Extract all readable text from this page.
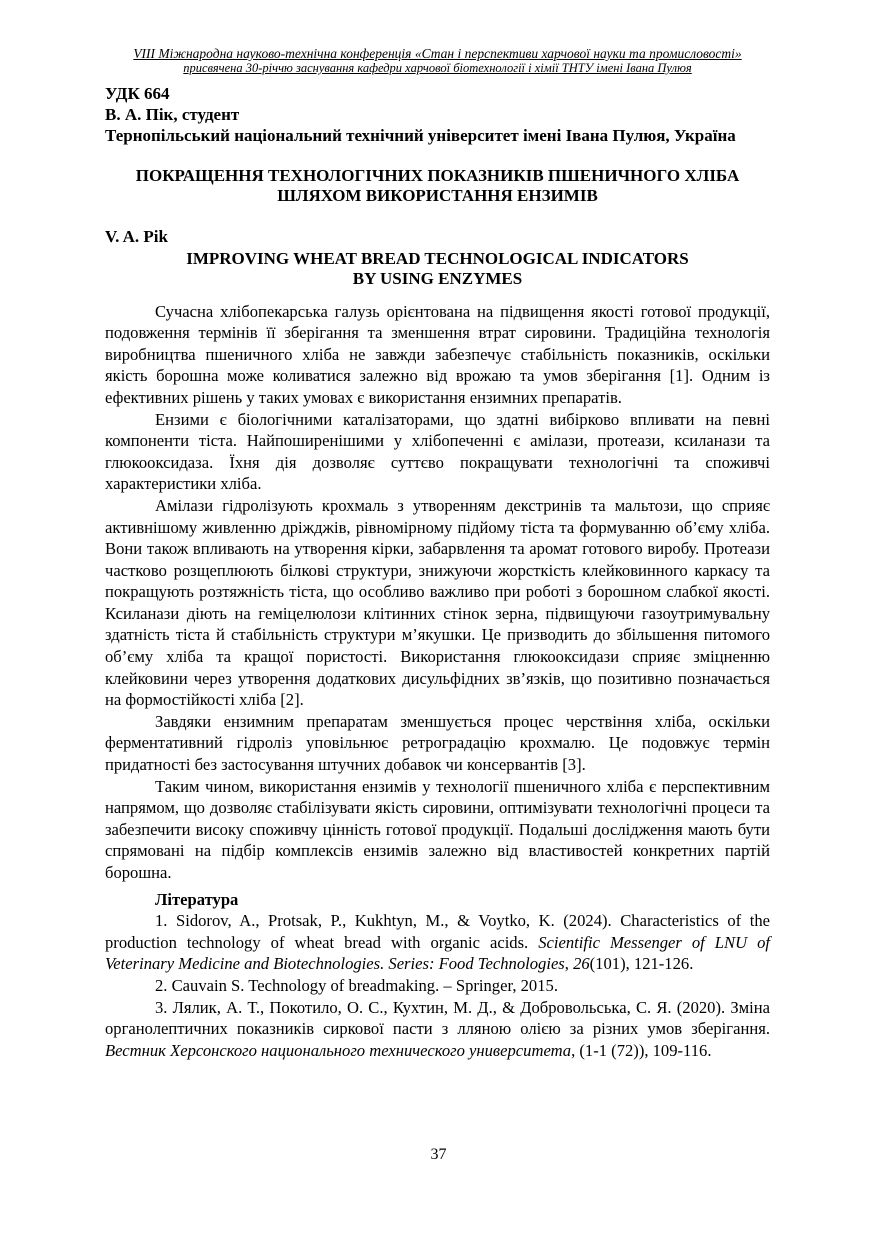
VIII Міжнародна науково-технічна конференція «Стан і перспективи харчової науки та промисловості»
присвячена 30-річчю заснування кафедри харчової біотехнології і хімії ТНТУ імені Івана Пулюя
УДК 664
В. А. Пік, студент
Тернопільський національний технічний університет імені Івана Пулюя, Україна
ПОКРАЩЕННЯ ТЕХНОЛОГІЧНИХ ПОКАЗНИКІВ ПШЕНИЧНОГО ХЛІБА
ШЛЯХОМ ВИКОРИСТАННЯ ЕНЗИМІВ
V. A. Pik
IMPROVING WHEAT BREAD TECHNOLOGICAL INDICATORS
BY USING ENZYMES

Сучасна хлібопекарська галузь орієнтована на підвищення якості готової продукції, подовження термінів її зберігання та зменшення втрат сировини. Традиційна технологія виробництва пшеничного хліба не завжди забезпечує стабільність показників, оскільки якість борошна може коливатися залежно від врожаю та умов зберігання [1]. Одним із ефективних рішень у таких умовах є використання ензимних препаратів.

Ензими є біологічними каталізаторами, що здатні вибірково впливати на певні компоненти тіста. Найпоширенішими у хлібопеченні є амілази, протеази, ксиланази та глюкооксидаза. Їхня дія дозволяє суттєво покращувати технологічні та споживчі характеристики хліба.

Амілази гідролізують крохмаль з утворенням декстринів та мальтози, що сприяє активнішому живленню дріжджів, рівномірному підйому тіста та формуванню об’єму хліба. Вони також впливають на утворення кірки, забарвлення та аромат готового виробу. Протеази частково розщеплюють білкові структури, знижуючи жорсткість клейковинного каркасу та покращують розтяжність тіста, що особливо важливо при роботі з борошном слабкої якості. Ксиланази діють на геміцелюлози клітинних стінок зерна, підвищуючи газоутримувальну здатність тіста й стабільність структури м’якушки. Це призводить до збільшення питомого об’єму хліба та кращої пористості. Використання глюкооксидази сприяє зміцненню клейковини через утворення додаткових дисульфідних зв’язків, що позитивно позначається на формостійкості хліба [2].

Завдяки ензимним препаратам зменшується процес черствіння хліба, оскільки ферментативний гідроліз уповільнює ретроградацію крохмалю. Це подовжує термін придатності без застосування штучних добавок чи консервантів [3].

Таким чином, використання ензимів у технології пшеничного хліба є перспективним напрямом, що дозволяє стабілізувати якість сировини, оптимізувати технологічні процеси та забезпечити високу споживчу цінність готової продукції. Подальші дослідження мають бути спрямовані на підбір комплексів ензимів залежно від властивостей конкретних партій борошна.

Література

1. Sidorov, A., Protsak, P., Kukhtyn, M., & Voytko, K. (2024). Characteristics of the production technology of wheat bread with organic acids. Scientific Messenger of LNU of Veterinary Medicine and Biotechnologies. Series: Food Technologies, 26(101), 121-126.

2. Cauvain S. Technology of breadmaking. – Springer, 2015.

3. Лялик, А. Т., Покотило, О. С., Кухтин, М. Д., & Добровольська, С. Я. (2020). Зміна органолептичних показників сиркової пасти з лляною олією за різних умов зберігання. Вестник Херсонского национального технического университета, (1-1 (72)), 109-116.

37
